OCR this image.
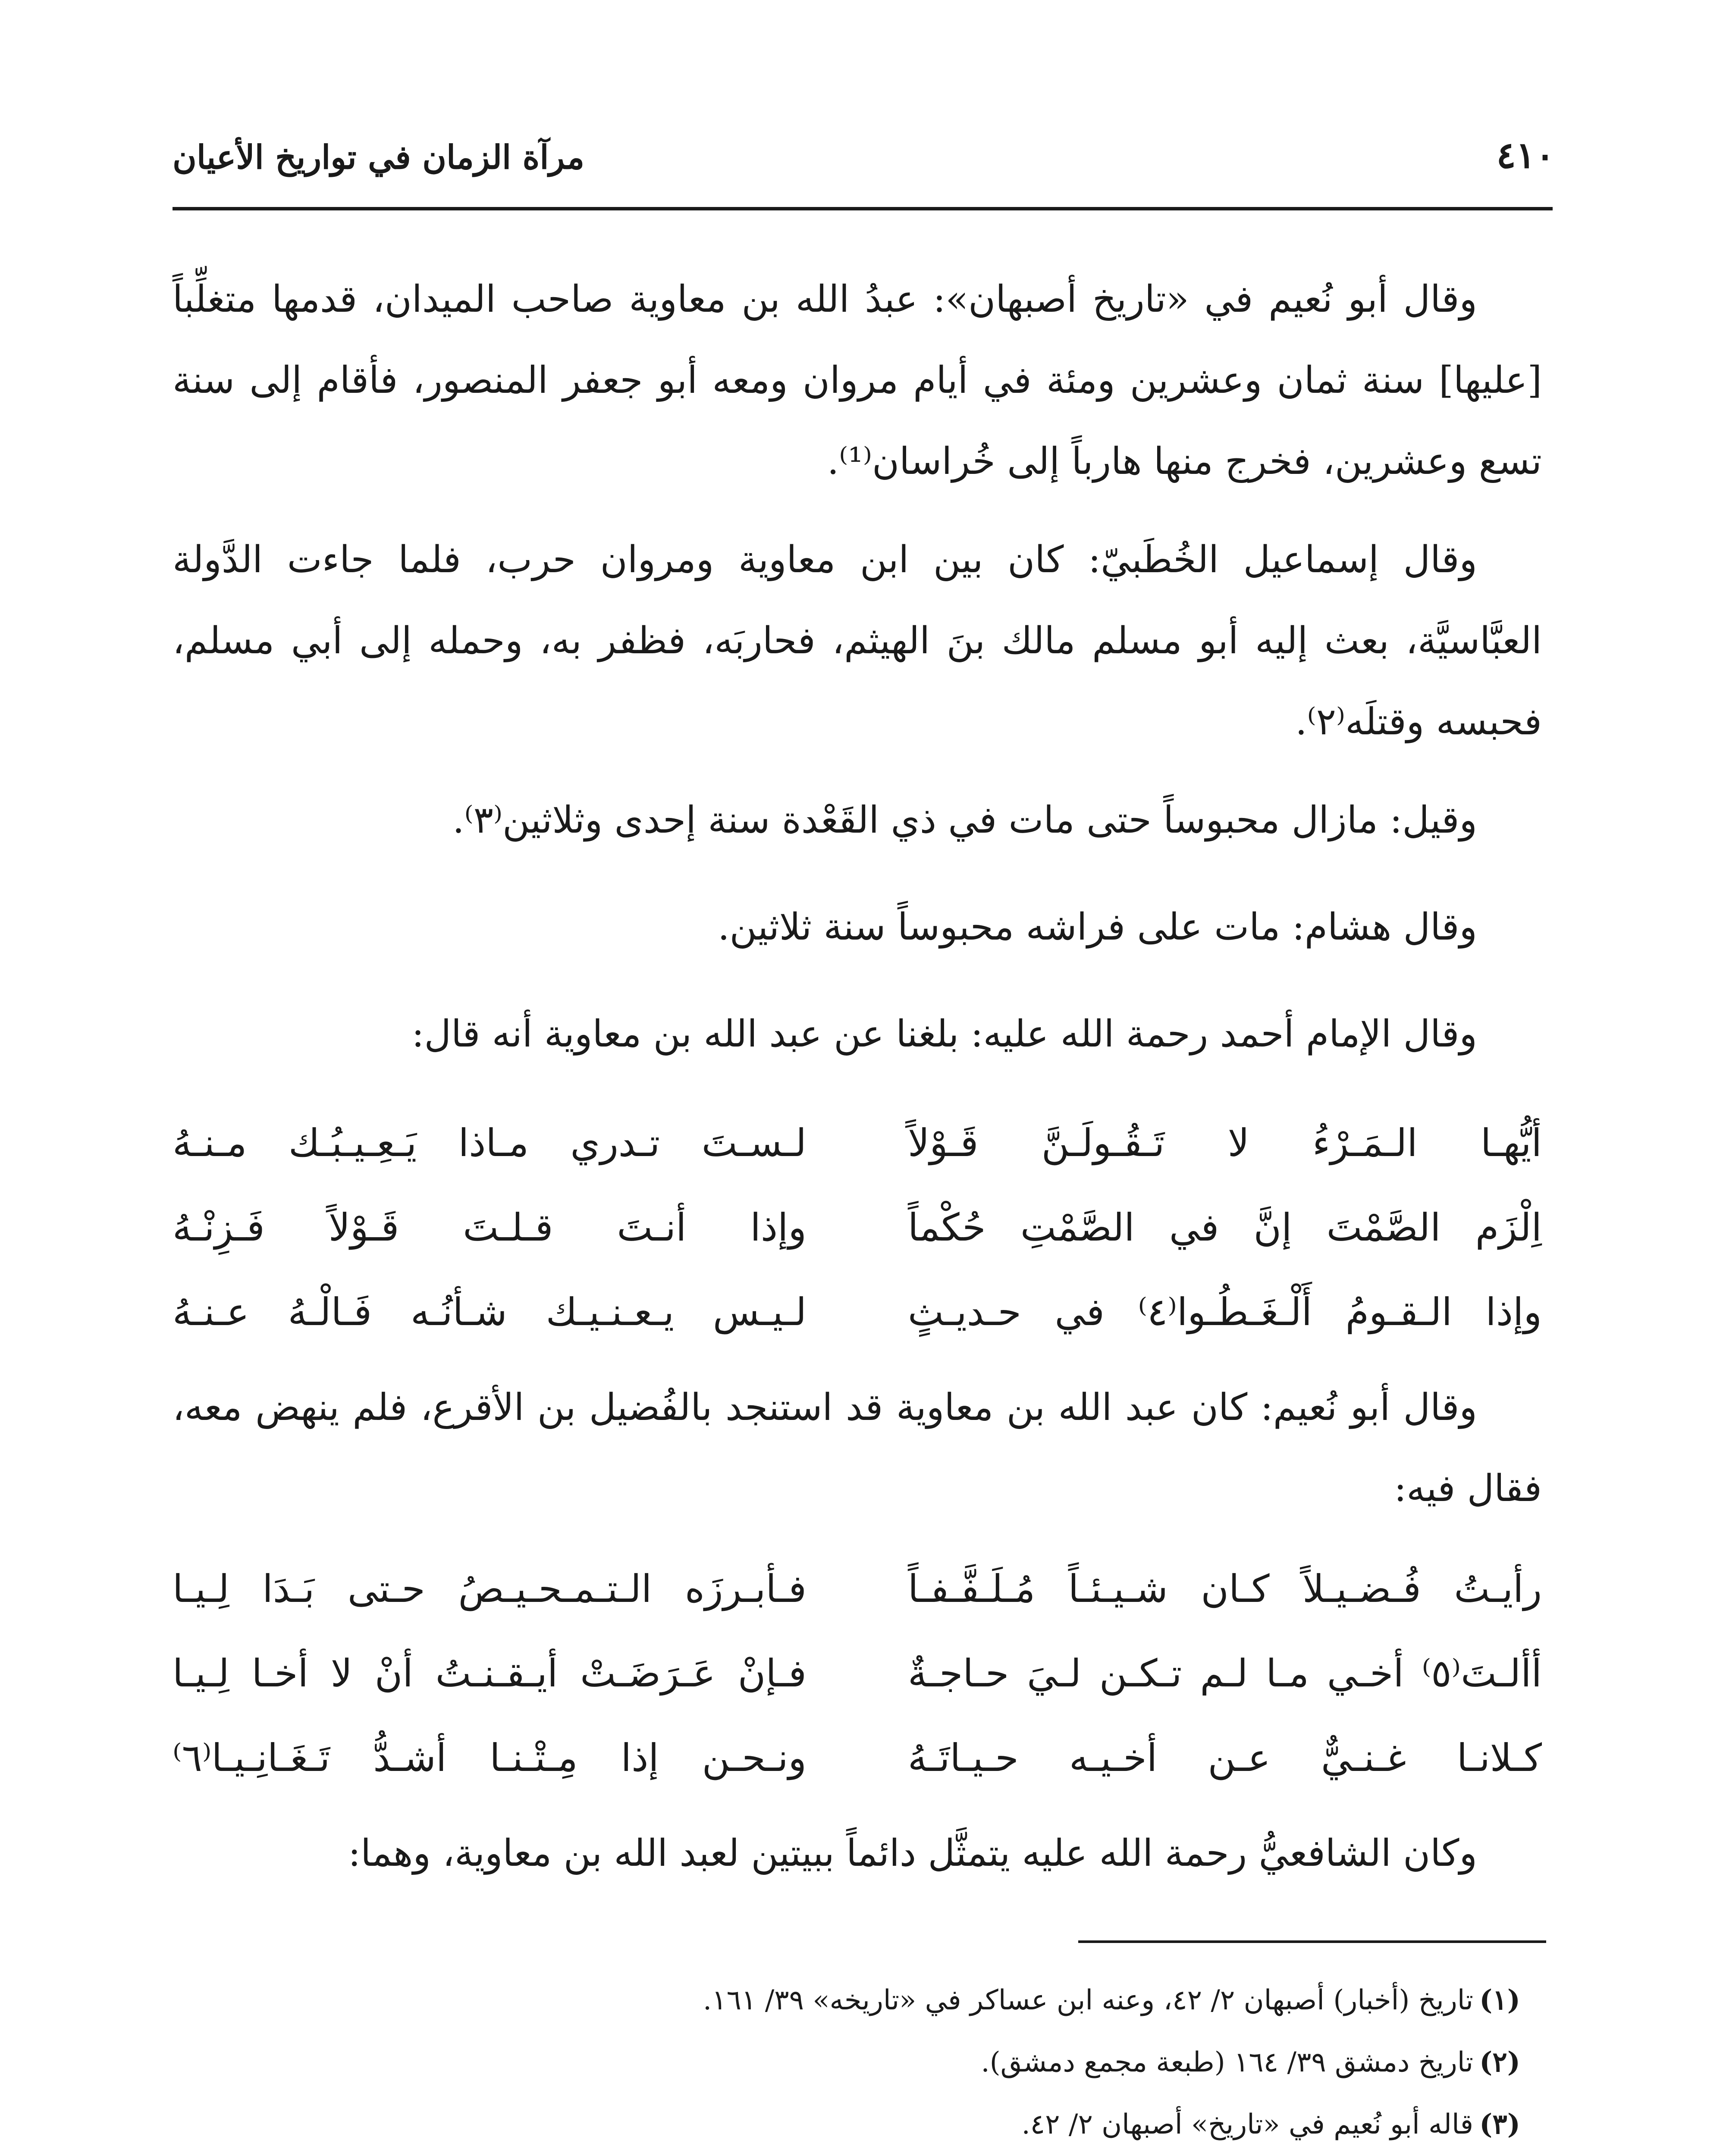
٤١٠
مرآة الزمان في تواريخ الأعيان

وقال أبو نُعيم في «تاريخ أصبهان»: عبدُ الله بن معاوية صاحب الميدان، قدمها متغلِّباً [عليها] سنة ثمان وعشرين ومئة في أيام مروان ومعه أبو جعفر المنصور، فأقام إلى سنة تسع وعشرين، فخرج منها هارباً إلى خُراسان⁽¹⁾.

وقال إسماعيل الخُطَبيّ: كان بين ابن معاوية ومروان حرب، فلما جاءت الدَّولة العبَّاسيَّة، بعث إليه أبو مسلم مالك بنَ الهيثم، فحاربَه، فظفر به، وحمله إلى أبي مسلم، فحبسه وقتلَه⁽٢⁾.

وقيل: مازال محبوساً حتى مات في ذي القَعْدة سنة إحدى وثلاثين⁽٣⁾.

وقال هشام: مات على فراشه محبوساً سنة ثلاثين.

وقال الإمام أحمد رحمة الله عليه: بلغنا عن عبد الله بن معاوية أنه قال:

أيُّهـا الـمَـرْءُ لا تَـقُـولَـنَّ قَـوْلاً
لـسـتَ تـدري مـاذا يَـعِـيـبُـك مـنـهُ
اِلْزَم الصَّمْتَ إنَّ في الصَّمْتِ حُكْماً
وإذا أنـتَ قـلـتَ قَـوْلاً فَـزِنْـهُ
وإذا الـقـومُ أَلْـغَـطُـوا⁽٤⁾ في حـديـثٍ
لـيـس يـعـنـيـك شـأنُـه فَـالْـهُ عـنـهُ

وقال أبو نُعيم: كان عبد الله بن معاوية قد استنجد بالفُضيل بن الأقرع، فلم ينهض معه، فقال فيه:

رأيـتُ فُـضـيـلاً كـان شـيـئـاً مُـلَـفَّـفـاً
فـأبـرزَه الـتـمـحـيـصُ حـتى بَـدَا لِـيـا
أألـتَ⁽٥⁾ أخـي مـا لـم تـكـن لـيَ حـاجـةٌ
فـإنْ عَـرَضَـتْ أيـقـنـتُ أنْ لا أخـا لِـيـا
كـلانـا غـنـيٌّ عـن أخـيـه حـيـاتَـهُ
ونـحـن إذا مِـتْـنـا أشـدُّ تَـغَـانِـيـا⁽٦⁾

وكان الشافعيُّ رحمة الله عليه يتمثَّل دائماً ببيتين لعبد الله بن معاوية، وهما:

(١)تاريخ (أخبار) أصبهان ٢/ ٤٢، وعنه ابن عساكر في «تاريخه» ٣٩/ ١٦١.

(٢)تاريخ دمشق ٣٩/ ١٦٤ (طبعة مجمع دمشق).

(٣)قاله أبو نُعيم في «تاريخ» أصبهان ٢/ ٤٢.
